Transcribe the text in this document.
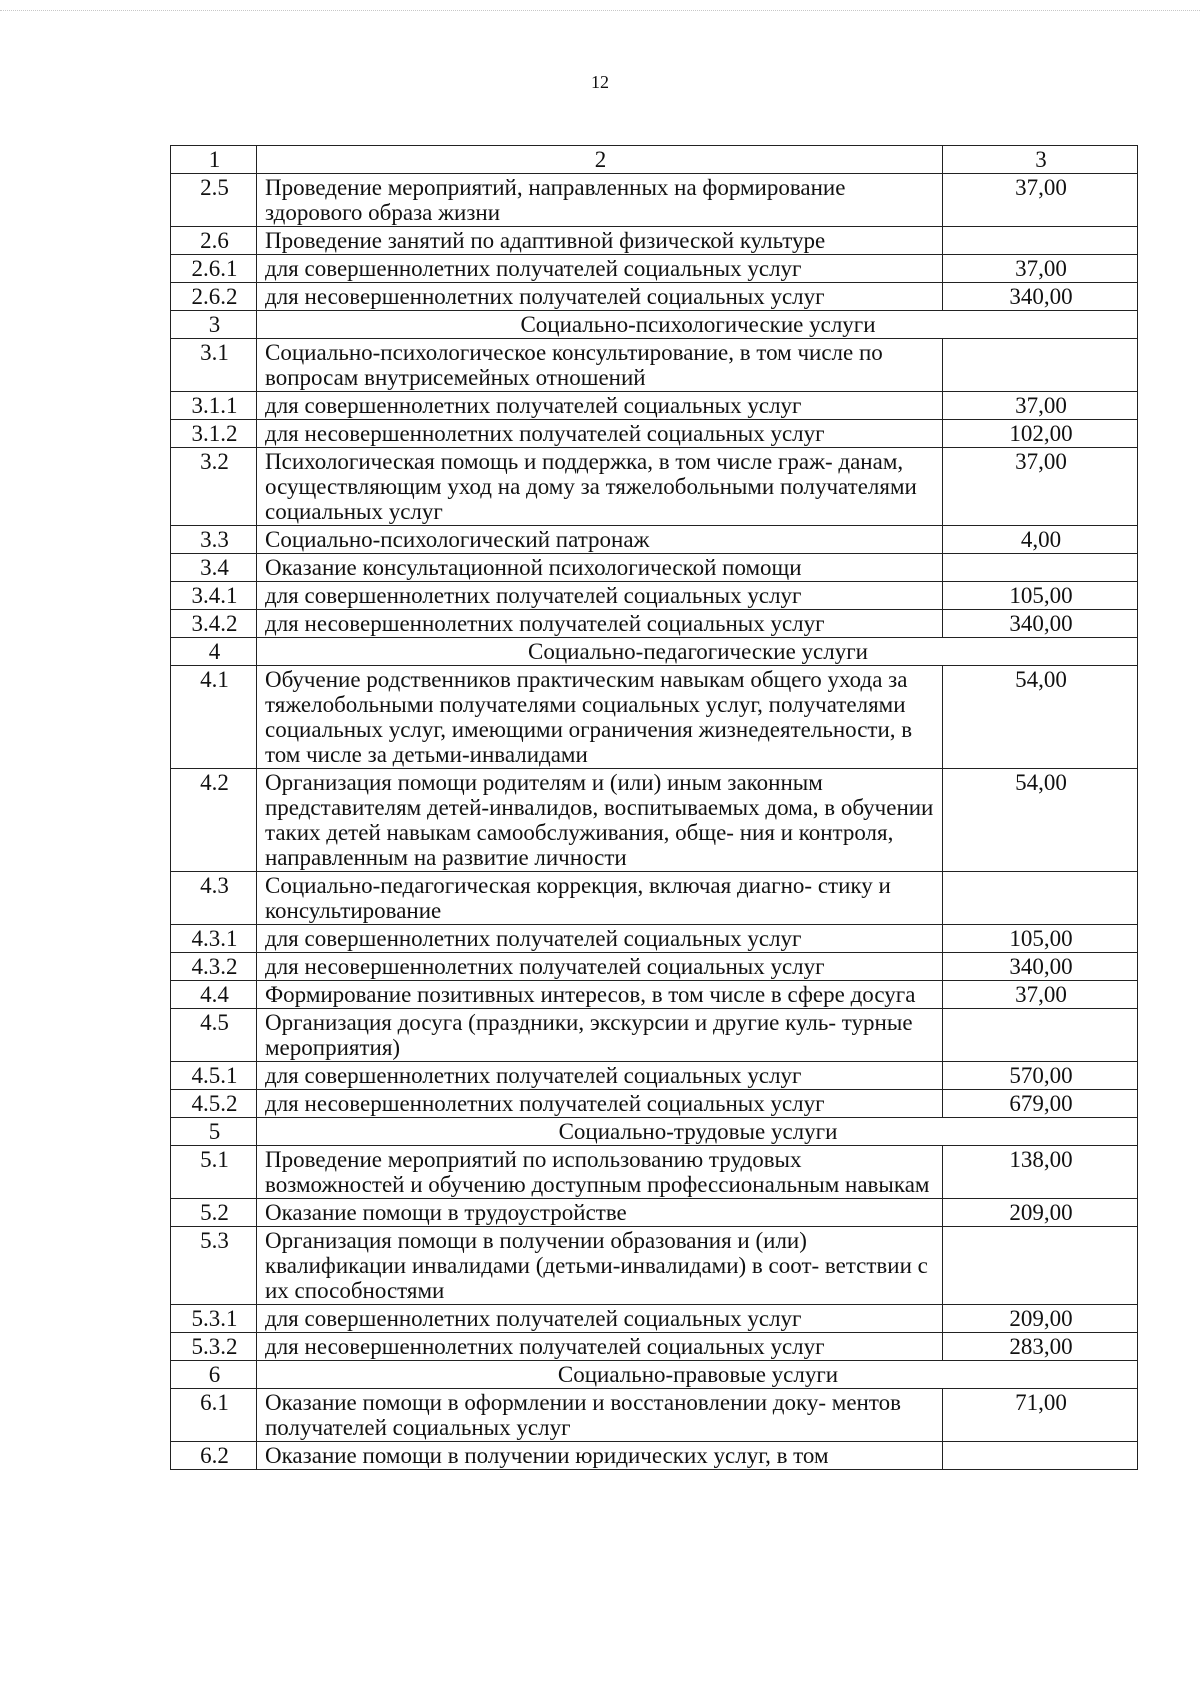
12
1	2	3
2.5	Проведение мероприятий, направленных на формирование здорового образа жизни	37,00
2.6	Проведение занятий по адаптивной физической культуре	
2.6.1	для совершеннолетних получателей социальных услуг	37,00
2.6.2	для несовершеннолетних получателей социальных услуг	340,00
3	Социально-психологические услуги	
3.1	Социально-психологическое консультирование, в том числе по вопросам внутрисемейных отношений	
3.1.1	для совершеннолетних получателей социальных услуг	37,00
3.1.2	для несовершеннолетних получателей социальных услуг	102,00
3.2	Психологическая помощь и поддержка, в том числе граж- данам, осуществляющим уход на дому за тяжелобольными получателями социальных услуг	37,00
3.3	Социально-психологический патронаж	4,00
3.4	Оказание консультационной психологической помощи	
3.4.1	для совершеннолетних получателей социальных услуг	105,00
3.4.2	для несовершеннолетних получателей социальных услуг	340,00
4	Социально-педагогические услуги	
4.1	Обучение родственников практическим навыкам общего ухода за тяжелобольными получателями социальных услуг, получателями социальных услуг, имеющими ограничения жизнедеятельности, в том числе за детьми-инвалидами	54,00
4.2	Организация помощи родителям и (или) иным законным представителям детей-инвалидов, воспитываемых дома, в обучении таких детей навыкам самообслуживания, обще- ния и контроля, направленным на развитие личности	54,00
4.3	Социально-педагогическая коррекция, включая диагно- стику и консультирование	
4.3.1	для совершеннолетних получателей социальных услуг	105,00
4.3.2	для несовершеннолетних получателей социальных услуг	340,00
4.4	Формирование позитивных интересов, в том числе в сфере досуга	37,00
4.5	Организация досуга (праздники, экскурсии и другие куль- турные мероприятия)	
4.5.1	для совершеннолетних получателей социальных услуг	570,00
4.5.2	для несовершеннолетних получателей социальных услуг	679,00
5	Социально-трудовые услуги	
5.1	Проведение мероприятий по использованию трудовых возможностей и обучению доступным профессиональным навыкам	138,00
5.2	Оказание помощи в трудоустройстве	209,00
5.3	Организация помощи в получении образования и (или) квалификации инвалидами (детьми-инвалидами) в соот- ветствии с их способностями	
5.3.1	для совершеннолетних получателей социальных услуг	209,00
5.3.2	для несовершеннолетних получателей социальных услуг	283,00
6	Социально-правовые услуги	
6.1	Оказание помощи в оформлении и восстановлении доку- ментов получателей социальных услуг	71,00
6.2	Оказание помощи в получении юридических услуг, в том	
